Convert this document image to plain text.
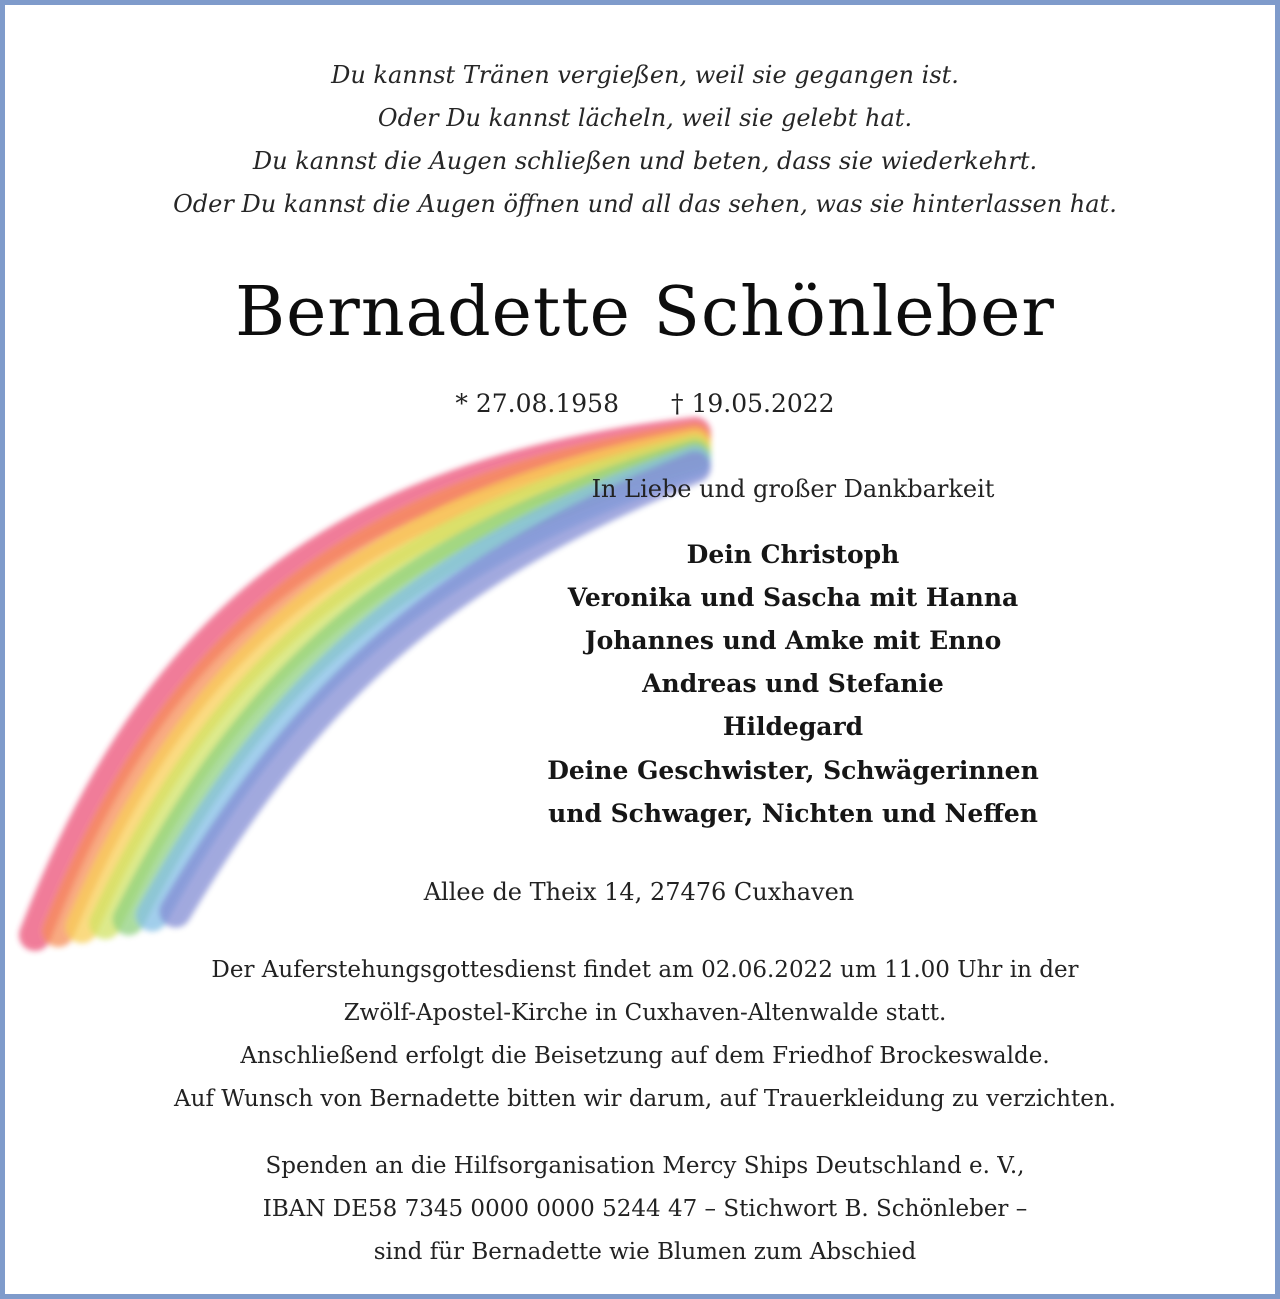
Du kannst Tränen vergießen, weil sie gegangen ist.
Oder Du kannst lächeln, weil sie gelebt hat.
Du kannst die Augen schließen und beten, dass sie wiederkehrt.
Oder Du kannst die Augen öffnen und all das sehen, was sie hinterlassen hat.
Bernadette Schönleber
* 27.08.1958 † 19.05.2022
In Liebe und großer Dankbarkeit
Dein Christoph
Veronika und Sascha mit Hanna
Johannes und Amke mit Enno
Andreas und Stefanie
Hildegard
Deine Geschwister, Schwägerinnen
und Schwager, Nichten und Neffen
Allee de Theix 14, 27476 Cuxhaven
Der Auferstehungsgottesdienst findet am 02.06.2022 um 11.00 Uhr in der
Zwölf-Apostel-Kirche in Cuxhaven-Altenwalde statt.
Anschließend erfolgt die Beisetzung auf dem Friedhof Brockeswalde.
Auf Wunsch von Bernadette bitten wir darum, auf Trauerkleidung zu verzichten.
Spenden an die Hilfsorganisation Mercy Ships Deutschland e. V.,
IBAN DE58 7345 0000 0000 5244 47 – Stichwort B. Schönleber –
sind für Bernadette wie Blumen zum Abschied
